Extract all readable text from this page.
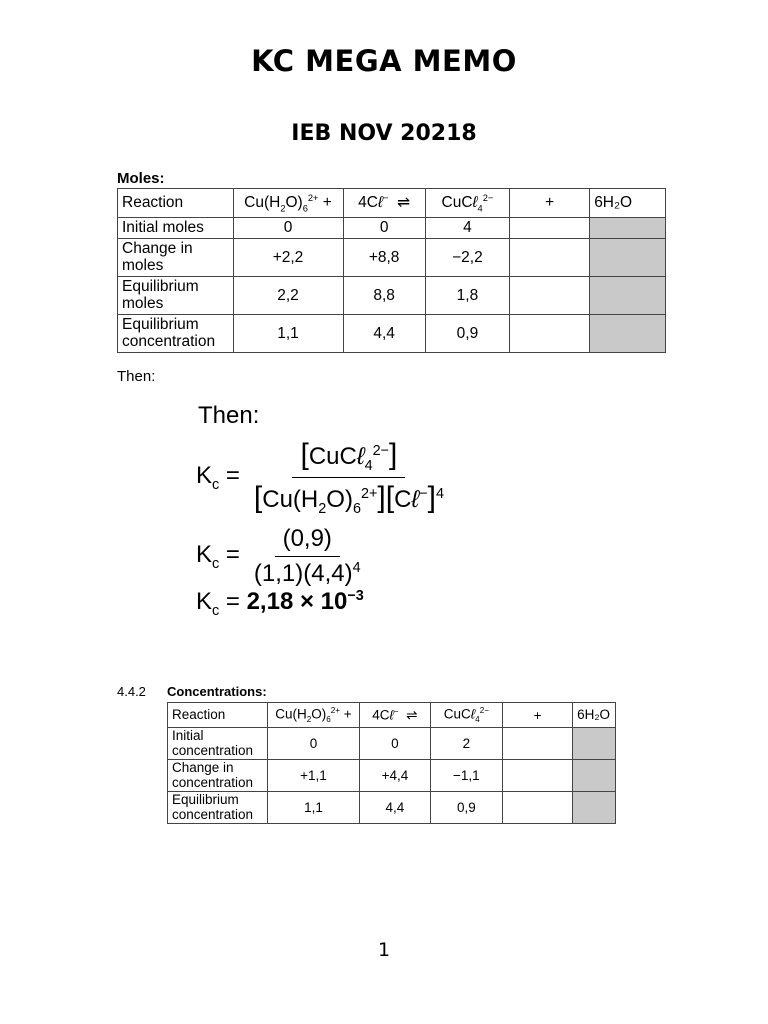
KC MEGA MEMO
IEB NOV 20218
Moles:
Reaction	$Cu(H_2O)_6^{2+}$ +	4Cℓ− ⇌	CuCℓ$_4^{2-}$	+	6H₂O
Initial moles	0	0	4		
Change in moles	+2,2	+8,8	−2,2		
Equilibrium moles	2,2	8,8	1,8		
Equilibrium concentration	1,1	4,4	0,9		
Then:
Then:
$K_c = \frac{[CuC\ell_4^{2-}]}{[Cu(H_2O)_6^{2+}][C\ell^-]^4}$
$K_c = \frac{(0,9)}{(1,1)(4,4)^4}$
$K_c = 2,18 \times 10^{-3}$
4.4.2 Concentrations:
Reaction	$Cu(H_2O)_6^{2+}$ +	4Cℓ− ⇌	CuCℓ$_4^{2-}$	+	6H₂O
Initial concentration	0	0	2		
Change in concentration	+1,1	+4,4	−1,1		
Equilibrium concentration	1,1	4,4	0,9		
1
